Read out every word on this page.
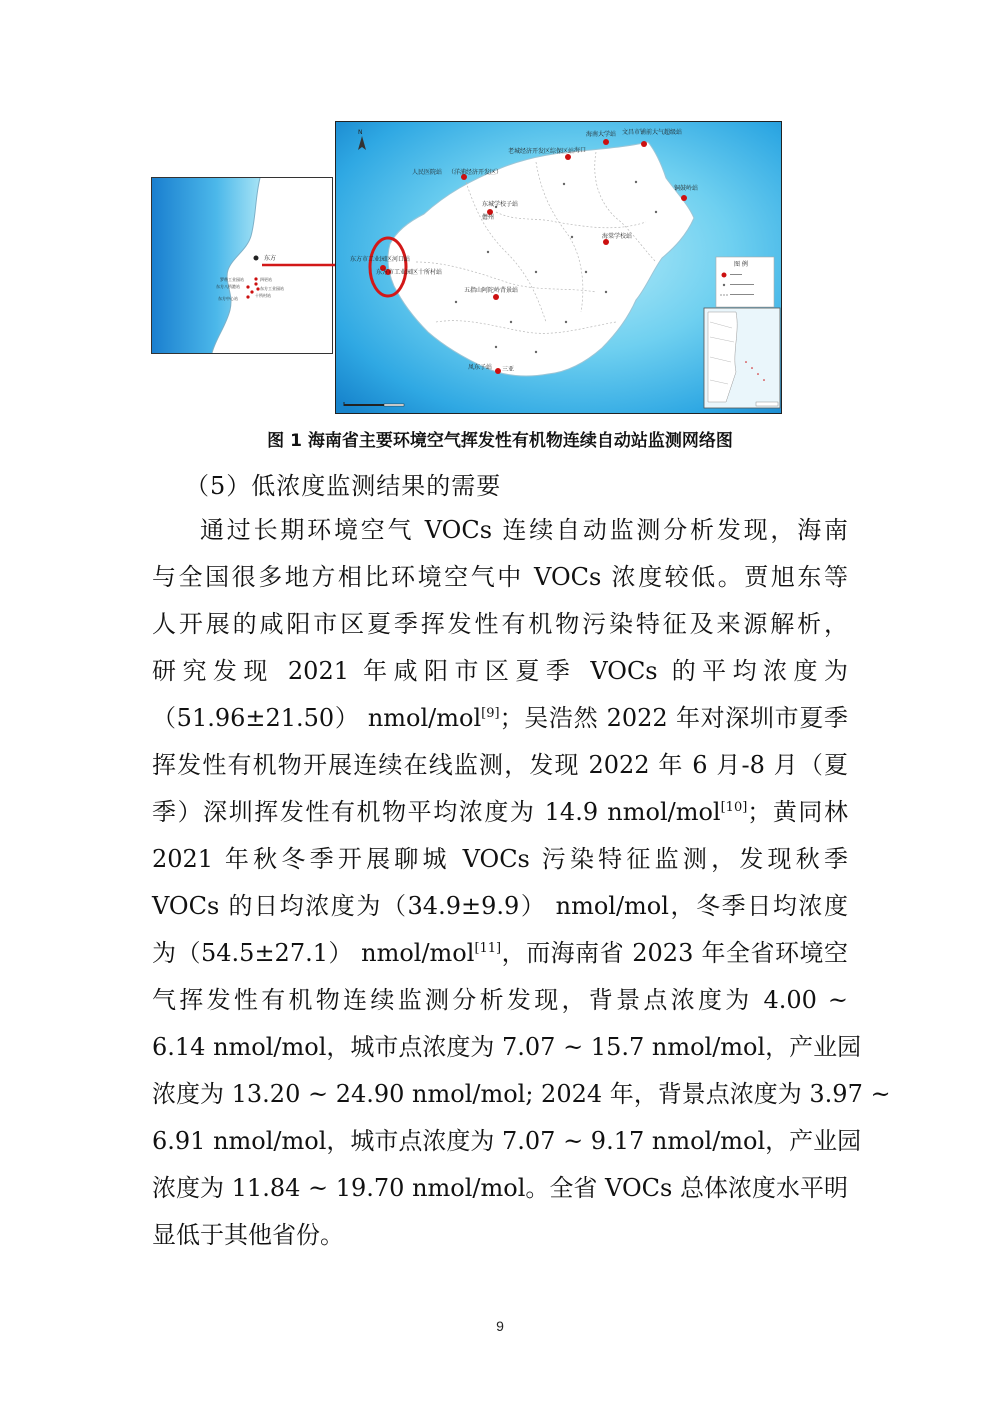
东方
罗带工业园站	四更站
东方工业园站
东方八所港站
十所村站
东方中心站
海南大学站 文昌市铺前大气超级站
老城经济开发区综保区站 海口
人民医院站 （洋浦经济开发区）
铜鼓岭站
东城学校子站
儋州
海棠学校站
东方市工业园区河口站
东方市工业园区十所村站
五指山阿陀岭背景站
凤东子站 三亚
N
图 例
图 1 海南省主要环境空气挥发性有机物连续自动站监测网络图
（5）低浓度监测结果的需要
通过长期环境空气 VOCs 连续自动监测分析发现，海南
与全国很多地方相比环境空气中 VOCs 浓度较低。贾旭东等
人开展的咸阳市区夏季挥发性有机物污染特征及来源解析，
研究发现 2021 年咸阳市区夏季 VOCs 的平均浓度为
（51.96±21.50） nmol/mol[9]；吴浩然 2022 年对深圳市夏季
挥发性有机物开展连续在线监测，发现 2022 年 6 月-8 月（夏
季）深圳挥发性有机物平均浓度为 14.9 nmol/mol[10]；黄同林
2021 年秋冬季开展聊城 VOCs 污染特征监测，发现秋季
VOCs 的日均浓度为（34.9±9.9） nmol/mol，冬季日均浓度
为（54.5±27.1） nmol/mol[11]，而海南省 2023 年全省环境空
气挥发性有机物连续监测分析发现，背景点浓度为 4.00 ~
6.14 nmol/mol，城市点浓度为 7.07 ~ 15.7 nmol/mol，产业园
浓度为 13.20 ~ 24.90 nmol/mol; 2024 年，背景点浓度为 3.97 ~
6.91 nmol/mol，城市点浓度为 7.07 ~ 9.17 nmol/mol，产业园
浓度为 11.84 ~ 19.70 nmol/mol。全省 VOCs 总体浓度水平明
显低于其他省份。
9
